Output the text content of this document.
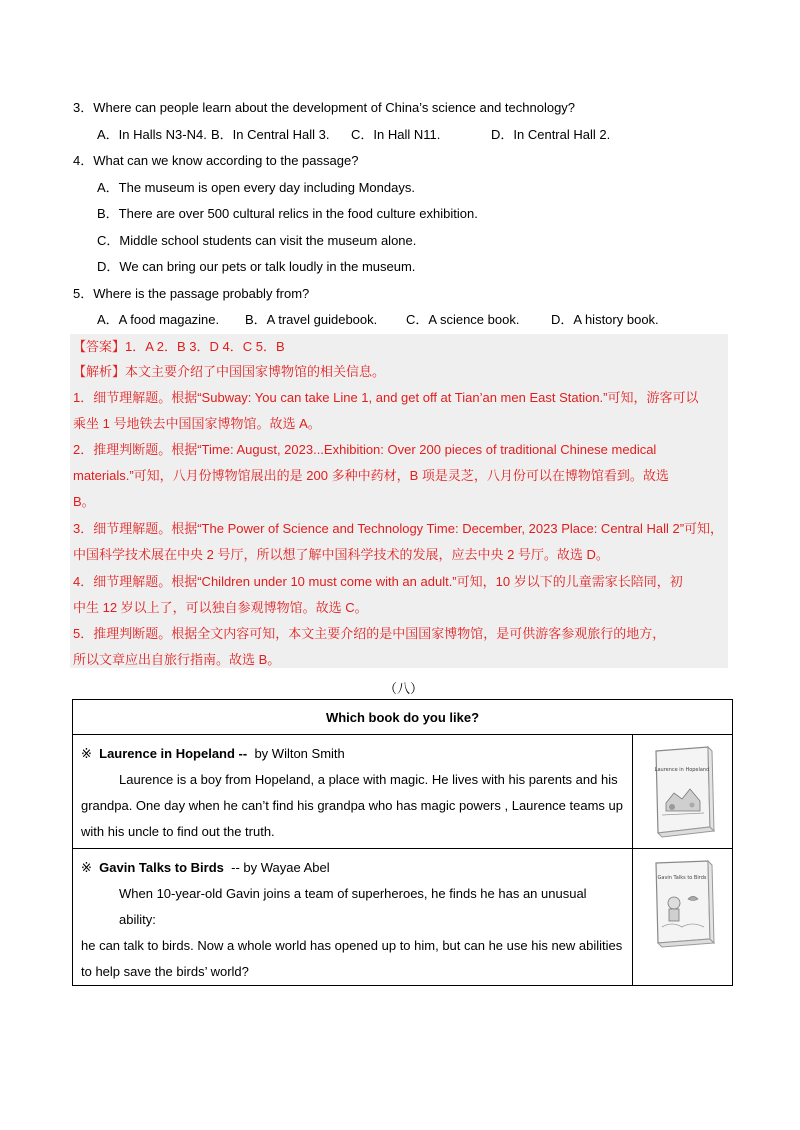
3．Where can people learn about the development of China’s science and technology?
A．In Halls N3-N4. B．In Central Hall 3. C．In Hall N11.	D．In Central Hall 2.
4．What can we know according to the passage?
A．The museum is open every day including Mondays.
B．There are over 500 cultural relics in the food culture exhibition.
C．Middle school students can visit the museum alone.
D．We can bring our pets or talk loudly in the museum.
5．Where is the passage probably from?
A．A food magazine. B．A travel guidebook. C．A science book. D．A history book.
【答案】1．A 2．B 3．D 4．C 5．B
【解析】本文主要介绍了中国国家博物馆的相关信息。
1．细节理解题。根据“Subway: You can take Line 1, and get off at Tian’an men East Station.”可知，游客可以
乘坐 1 号地铁去中国国家博物馆。故选 A。
2．推理判断题。根据“Time: August, 2023...Exhibition: Over 200 pieces of traditional Chinese medical
materials.”可知，八月份博物馆展出的是 200 多种中药材，B 项是灵芝，八月份可以在博物馆看到。故选
B。
3．细节理解题。根据“The Power of Science and Technology Time: December, 2023 Place: Central Hall 2”可知，
中国科学技术展在中央 2 号厅，所以想了解中国科学技术的发展，应去中央 2 号厅。故选 D。
4．细节理解题。根据“Children under 10 must come with an adult.”可知，10 岁以下的儿童需家长陪同，初
中生 12 岁以上了，可以独自参观博物馆。故选 C。
5．推理判断题。根据全文内容可知，本文主要介绍的是中国国家博物馆，是可供游客参观旅行的地方，
所以文章应出自旅行指南。故选 B。
（八）
Which book do you like?	

※ Laurence in Hopeland -- by Wilton Smith
Laurence is a boy from Hopeland, a place with magic. He lives with his parents and his
grandpa. One day when he can’t find his grandpa who has magic powers , Laurence teams up
with his uncle to find out the truth.	Laurence in Hopeland

※ Gavin Talks to Birds -- by Wayae Abel
When 10-year-old Gavin joins a team of superheroes, he finds he has an unusual ability:
he can talk to birds. Now a whole world has opened up to him, but can he use his new abilities
to help save the birds’ world?	Gavin Talks to Birds
